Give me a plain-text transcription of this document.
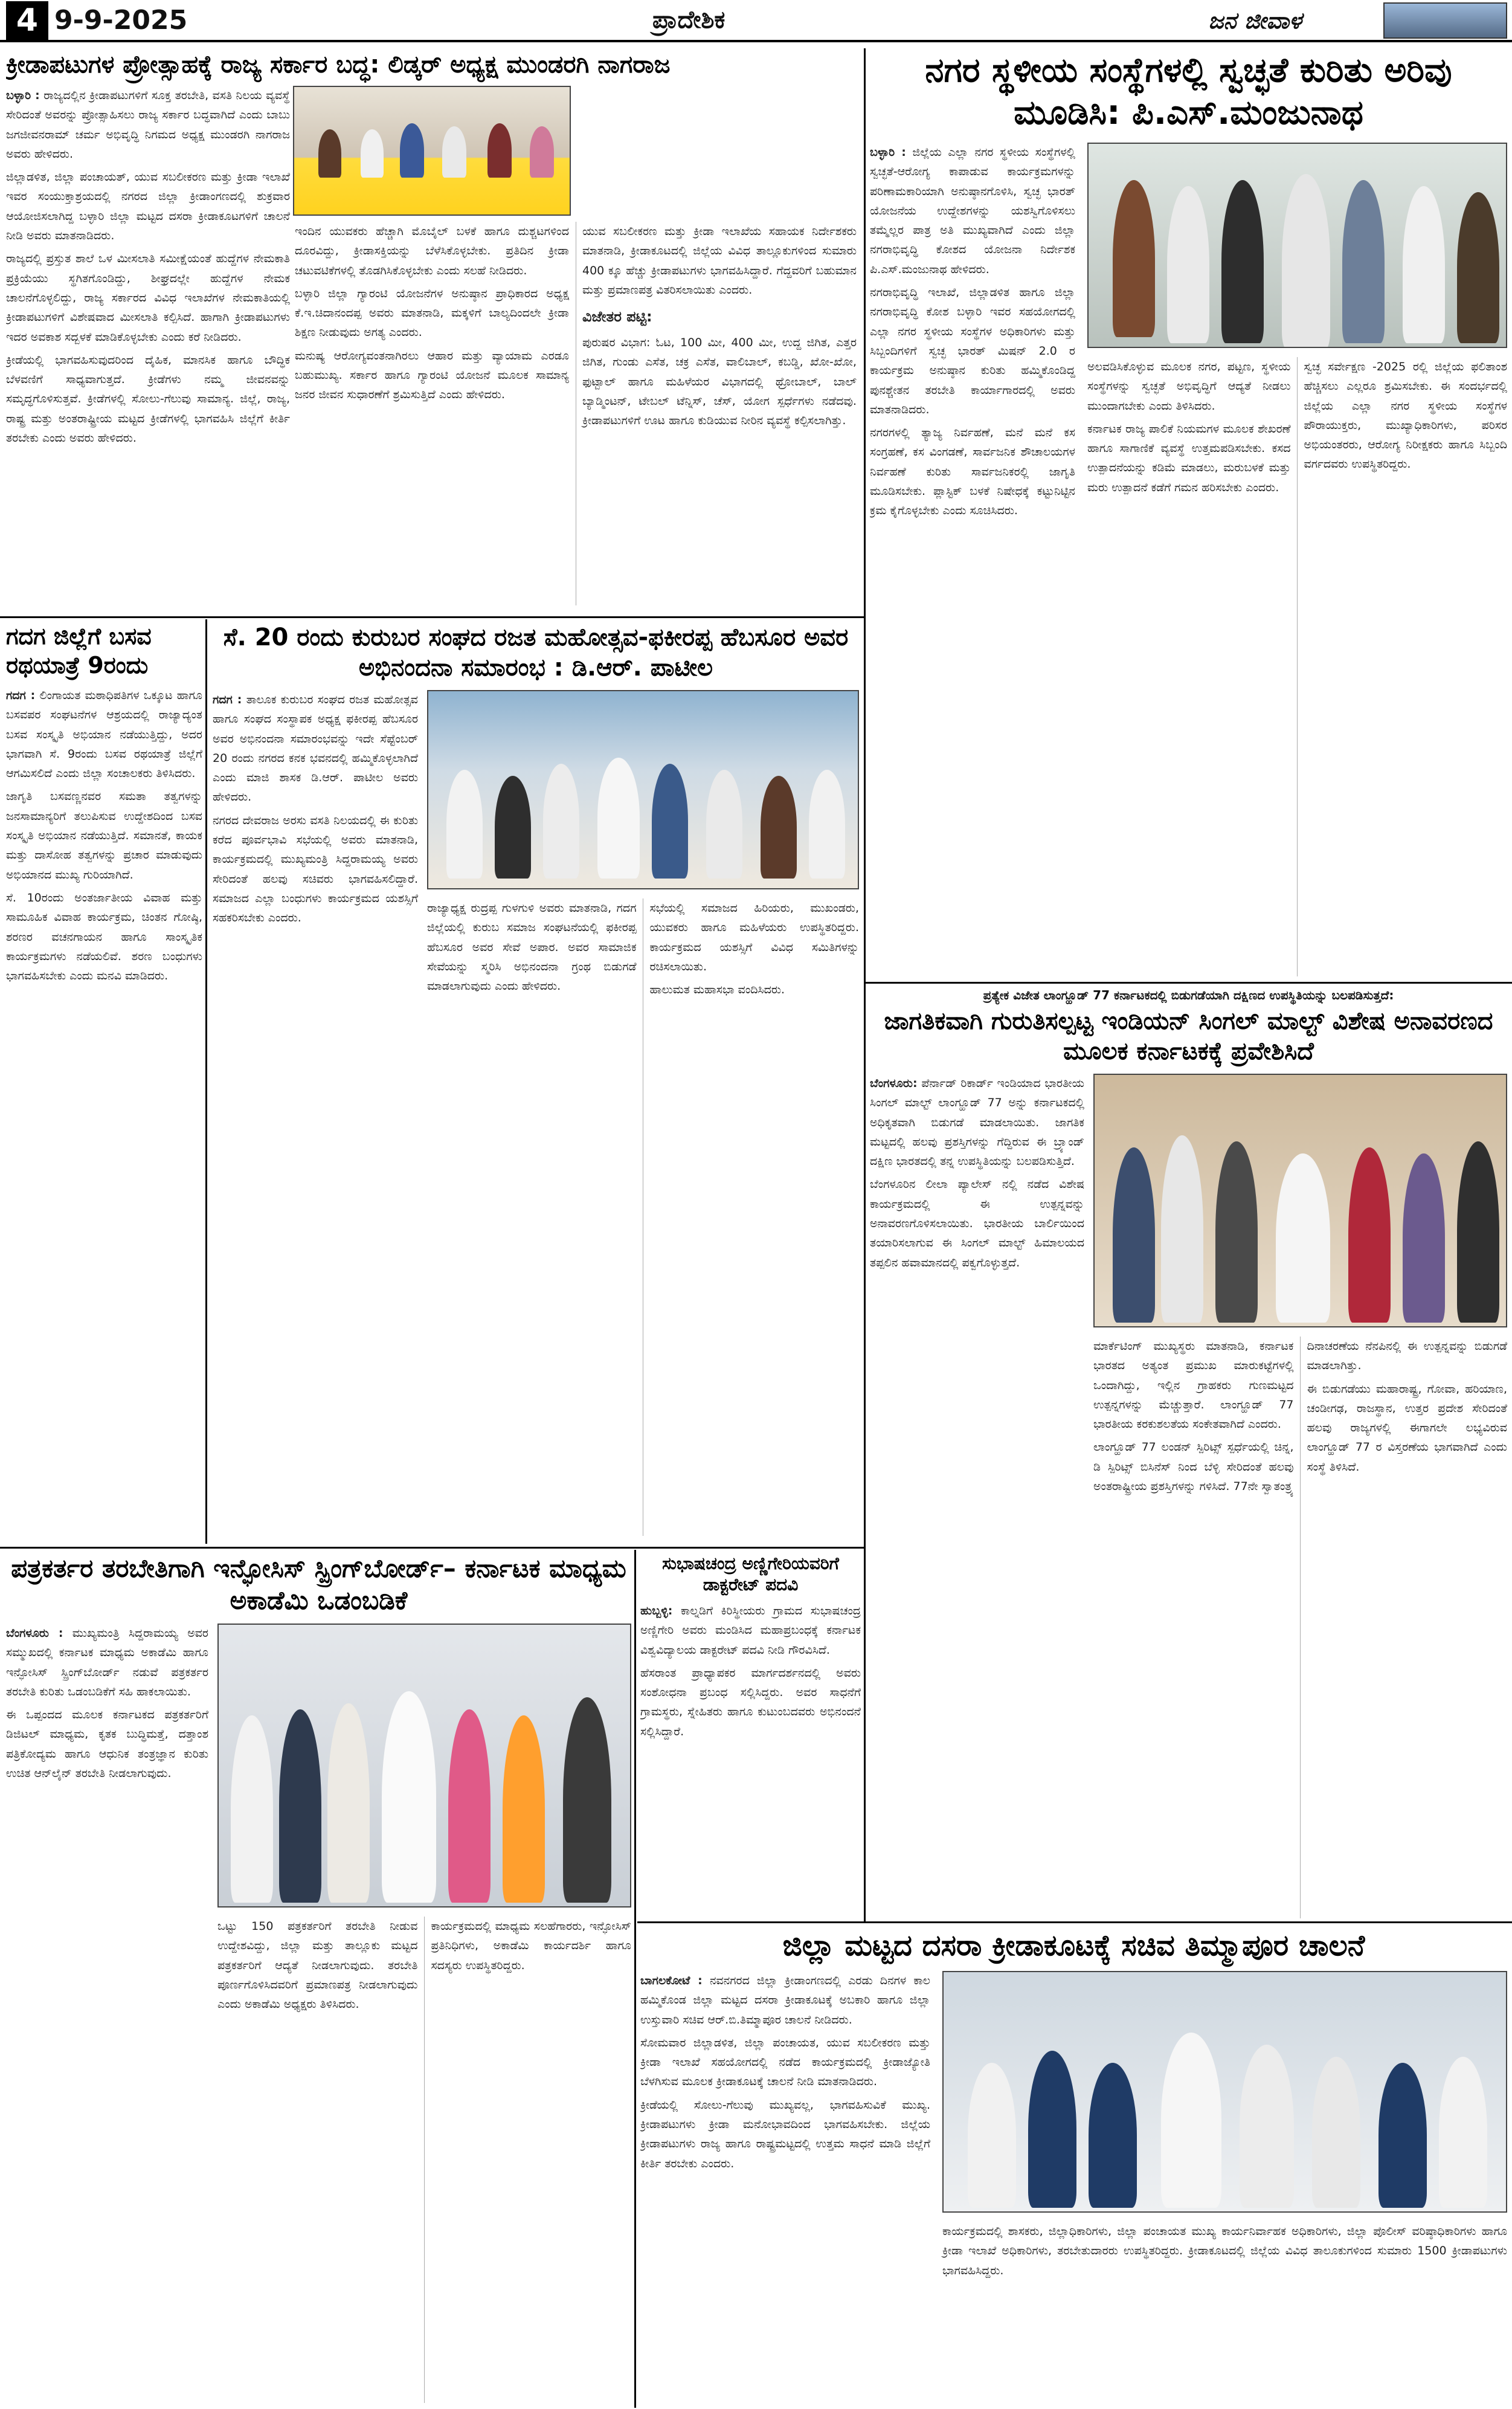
4 9-9-2025	ಪ್ರಾದೇಶಿಕ	ಜನ ಜೀವಾಳ
ಕ್ರೀಡಾಪಟುಗಳ ಪ್ರೋತ್ಸಾಹಕ್ಕೆ ರಾಜ್ಯ ಸರ್ಕಾರ ಬದ್ಧ: ಲಿಡ್ಕರ್ ಅಧ್ಯಕ್ಷ ಮುಂಡರಗಿ ನಾಗರಾಜ

ಬಳ್ಳಾರಿ : ರಾಜ್ಯದಲ್ಲಿನ ಕ್ರೀಡಾಪಟುಗಳಿಗೆ ಸೂಕ್ತ ತರಬೇತಿ, ವಸತಿ ನಿಲಯ ವ್ಯವಸ್ಥೆ ಸೇರಿದಂತೆ ಅವರನ್ನು ಪ್ರೋತ್ಸಾಹಿಸಲು ರಾಜ್ಯ ಸರ್ಕಾರ ಬದ್ಧವಾಗಿದೆ ಎಂದು ಬಾಬು ಜಗಜೀವನರಾಮ್ ಚರ್ಮ ಅಭಿವೃದ್ಧಿ ನಿಗಮದ ಅಧ್ಯಕ್ಷ ಮುಂಡರಗಿ ನಾಗರಾಜ ಅವರು ಹೇಳಿದರು.

ಜಿಲ್ಲಾಡಳಿತ, ಜಿಲ್ಲಾ ಪಂಚಾಯತ್, ಯುವ ಸಬಲೀಕರಣ ಮತ್ತು ಕ್ರೀಡಾ ಇಲಾಖೆ ಇವರ ಸಂಯುಕ್ತಾಶ್ರಯದಲ್ಲಿ ನಗರದ ಜಿಲ್ಲಾ ಕ್ರೀಡಾಂಗಣದಲ್ಲಿ ಶುಕ್ರವಾರ ಆಯೋಜಿಸಲಾಗಿದ್ದ ಬಳ್ಳಾರಿ ಜಿಲ್ಲಾ ಮಟ್ಟದ ದಸರಾ ಕ್ರೀಡಾಕೂಟಗಳಿಗೆ ಚಾಲನೆ ನೀಡಿ ಅವರು ಮಾತನಾಡಿದರು.

ರಾಜ್ಯದಲ್ಲಿ ಪ್ರಸ್ತುತ ಶಾಲೆ ಒಳ ಮೀಸಲಾತಿ ಸಮೀಕ್ಷೆಯಂತೆ ಹುದ್ದೆಗಳ ನೇಮಕಾತಿ ಪ್ರಕ್ರಿಯೆಯು ಸ್ಥಗಿತಗೊಂಡಿದ್ದು, ಶೀಘ್ರದಲ್ಲೇ ಹುದ್ದೆಗಳ ನೇಮಕ ಚಾಲನೆಗೊಳ್ಳಲಿದ್ದು, ರಾಜ್ಯ ಸರ್ಕಾರದ ವಿವಿಧ ಇಲಾಖೆಗಳ ನೇಮಕಾತಿಯಲ್ಲಿ ಕ್ರೀಡಾಪಟುಗಳಿಗೆ ವಿಶೇಷವಾದ ಮೀಸಲಾತಿ ಕಲ್ಪಿಸಿದೆ. ಹಾಗಾಗಿ ಕ್ರೀಡಾಪಟುಗಳು ಇದರ ಅವಕಾಶ ಸದ್ಬಳಕೆ ಮಾಡಿಕೊಳ್ಳಬೇಕು ಎಂದು ಕರೆ ನೀಡಿದರು.

ಕ್ರೀಡೆಯಲ್ಲಿ ಭಾಗವಹಿಸುವುದರಿಂದ ದೈಹಿಕ, ಮಾನಸಿಕ ಹಾಗೂ ಬೌದ್ಧಿಕ ಬೆಳವಣಿಗೆ ಸಾಧ್ಯವಾಗುತ್ತದೆ. ಕ್ರೀಡೆಗಳು ನಮ್ಮ ಜೀವನವನ್ನು ಸಮೃದ್ಧಗೊಳಿಸುತ್ತವೆ. ಕ್ರೀಡೆಗಳಲ್ಲಿ ಸೋಲು-ಗೆಲುವು ಸಾಮಾನ್ಯ. ಜಿಲ್ಲೆ, ರಾಜ್ಯ, ರಾಷ್ಟ್ರ ಮತ್ತು ಅಂತರಾಷ್ಟ್ರೀಯ ಮಟ್ಟದ ಕ್ರೀಡೆಗಳಲ್ಲಿ ಭಾಗವಹಿಸಿ ಜಿಲ್ಲೆಗೆ ಕೀರ್ತಿ ತರಬೇಕು ಎಂದು ಅವರು ಹೇಳಿದರು.

ಇಂದಿನ ಯುವಕರು ಹೆಚ್ಚಾಗಿ ಮೊಬೈಲ್ ಬಳಕೆ ಹಾಗೂ ದುಶ್ಚಟಗಳಿಂದ ದೂರವಿದ್ದು, ಕ್ರೀಡಾಸಕ್ತಿಯನ್ನು ಬೆಳೆಸಿಕೊಳ್ಳಬೇಕು. ಪ್ರತಿದಿನ ಕ್ರೀಡಾ ಚಟುವಟಿಕೆಗಳಲ್ಲಿ ತೊಡಗಿಸಿಕೊಳ್ಳಬೇಕು ಎಂದು ಸಲಹೆ ನೀಡಿದರು.

ಬಳ್ಳಾರಿ ಜಿಲ್ಲಾ ಗ್ಯಾರಂಟಿ ಯೋಜನೆಗಳ ಅನುಷ್ಠಾನ ಪ್ರಾಧಿಕಾರದ ಅಧ್ಯಕ್ಷ ಕೆ.ಇ.ಚಿದಾನಂದಪ್ಪ ಅವರು ಮಾತನಾಡಿ, ಮಕ್ಕಳಿಗೆ ಬಾಲ್ಯದಿಂದಲೇ ಕ್ರೀಡಾ ಶಿಕ್ಷಣ ನೀಡುವುದು ಅಗತ್ಯ ಎಂದರು.

ಮನುಷ್ಯ ಆರೋಗ್ಯವಂತನಾಗಿರಲು ಆಹಾರ ಮತ್ತು ವ್ಯಾಯಾಮ ಎರಡೂ ಬಹುಮುಖ್ಯ. ಸರ್ಕಾರ ಹಾಗೂ ಗ್ಯಾರಂಟಿ ಯೋಜನೆ ಮೂಲಕ ಸಾಮಾನ್ಯ ಜನರ ಜೀವನ ಸುಧಾರಣೆಗೆ ಶ್ರಮಿಸುತ್ತಿದೆ ಎಂದು ಹೇಳಿದರು.

ಯುವ ಸಬಲೀಕರಣ ಮತ್ತು ಕ್ರೀಡಾ ಇಲಾಖೆಯ ಸಹಾಯಕ ನಿರ್ದೇಶಕರು ಮಾತನಾಡಿ, ಕ್ರೀಡಾಕೂಟದಲ್ಲಿ ಜಿಲ್ಲೆಯ ವಿವಿಧ ತಾಲ್ಲೂಕುಗಳಿಂದ ಸುಮಾರು 400 ಕ್ಕೂ ಹೆಚ್ಚು ಕ್ರೀಡಾಪಟುಗಳು ಭಾಗವಹಿಸಿದ್ದಾರೆ. ಗೆದ್ದವರಿಗೆ ಬಹುಮಾನ ಮತ್ತು ಪ್ರಮಾಣಪತ್ರ ವಿತರಿಸಲಾಯಿತು ಎಂದರು.

ವಿಜೇತರ ಪಟ್ಟಿ:

ಪುರುಷರ ವಿಭಾಗ: ಓಟ, 100 ಮೀ, 400 ಮೀ, ಉದ್ದ ಜಿಗಿತ, ಎತ್ತರ ಜಿಗಿತ, ಗುಂಡು ಎಸೆತ, ಚಕ್ರ ಎಸೆತ, ವಾಲಿಬಾಲ್, ಕಬಡ್ಡಿ, ಖೋ-ಖೋ, ಫುಟ್ಬಾಲ್ ಹಾಗೂ ಮಹಿಳೆಯರ ವಿಭಾಗದಲ್ಲಿ ಥ್ರೋಬಾಲ್, ಬಾಲ್ ಬ್ಯಾಡ್ಮಿಂಟನ್, ಟೇಬಲ್ ಟೆನ್ನಿಸ್, ಚೆಸ್, ಯೋಗ ಸ್ಪರ್ಧೆಗಳು ನಡೆದವು. ಕ್ರೀಡಾಪಟುಗಳಿಗೆ ಊಟ ಹಾಗೂ ಕುಡಿಯುವ ನೀರಿನ ವ್ಯವಸ್ಥೆ ಕಲ್ಪಿಸಲಾಗಿತ್ತು.

ನಗರ ಸ್ಥಳೀಯ ಸಂಸ್ಥೆಗಳಲ್ಲಿ ಸ್ವಚ್ಛತೆ ಕುರಿತು ಅರಿವು ಮೂಡಿಸಿ: ಪಿ.ಎಸ್.ಮಂಜುನಾಥ

ಬಳ್ಳಾರಿ : ಜಿಲ್ಲೆಯ ಎಲ್ಲಾ ನಗರ ಸ್ಥಳೀಯ ಸಂಸ್ಥೆಗಳಲ್ಲಿ ಸ್ವಚ್ಛತೆ-ಆರೋಗ್ಯ ಕಾಪಾಡುವ ಕಾರ್ಯಕ್ರಮಗಳನ್ನು ಪರಿಣಾಮಕಾರಿಯಾಗಿ ಅನುಷ್ಠಾನಗೊಳಿಸಿ, ಸ್ವಚ್ಛ ಭಾರತ್ ಯೋಜನೆಯ ಉದ್ದೇಶಗಳನ್ನು ಯಶಸ್ವಿಗೊಳಿಸಲು ತಮ್ಮೆಲ್ಲರ ಪಾತ್ರ ಅತಿ ಮುಖ್ಯವಾಗಿದೆ ಎಂದು ಜಿಲ್ಲಾ ನಗರಾಭಿವೃದ್ಧಿ ಕೋಶದ ಯೋಜನಾ ನಿರ್ದೇಶಕ ಪಿ.ಎಸ್.ಮಂಜುನಾಥ ಹೇಳಿದರು.

ನಗರಾಭಿವೃದ್ಧಿ ಇಲಾಖೆ, ಜಿಲ್ಲಾಡಳಿತ ಹಾಗೂ ಜಿಲ್ಲಾ ನಗರಾಭಿವೃದ್ಧಿ ಕೋಶ ಬಳ್ಳಾರಿ ಇವರ ಸಹಯೋಗದಲ್ಲಿ ಎಲ್ಲಾ ನಗರ ಸ್ಥಳೀಯ ಸಂಸ್ಥೆಗಳ ಅಧಿಕಾರಿಗಳು ಮತ್ತು ಸಿಬ್ಬಂದಿಗಳಿಗೆ ಸ್ವಚ್ಛ ಭಾರತ್ ಮಿಷನ್ 2.0 ರ ಕಾರ್ಯಕ್ರಮ ಅನುಷ್ಠಾನ ಕುರಿತು ಹಮ್ಮಿಕೊಂಡಿದ್ದ ಪುನಶ್ಚೇತನ ತರಬೇತಿ ಕಾರ್ಯಾಗಾರದಲ್ಲಿ ಅವರು ಮಾತನಾಡಿದರು.

ನಗರಗಳಲ್ಲಿ ತ್ಯಾಜ್ಯ ನಿರ್ವಹಣೆ, ಮನೆ ಮನೆ ಕಸ ಸಂಗ್ರಹಣೆ, ಕಸ ವಿಂಗಡಣೆ, ಸಾರ್ವಜನಿಕ ಶೌಚಾಲಯಗಳ ನಿರ್ವಹಣೆ ಕುರಿತು ಸಾರ್ವಜನಿಕರಲ್ಲಿ ಜಾಗೃತಿ ಮೂಡಿಸಬೇಕು. ಪ್ಲಾಸ್ಟಿಕ್ ಬಳಕೆ ನಿಷೇಧಕ್ಕೆ ಕಟ್ಟುನಿಟ್ಟಿನ ಕ್ರಮ ಕೈಗೊಳ್ಳಬೇಕು ಎಂದು ಸೂಚಿಸಿದರು.

ಅಲವಡಿಸಿಕೊಳ್ಳುವ ಮೂಲಕ ನಗರ, ಪಟ್ಟಣ, ಸ್ಥಳೀಯ ಸಂಸ್ಥೆಗಳನ್ನು ಸ್ವಚ್ಛತೆ ಅಭಿವೃದ್ಧಿಗೆ ಆದ್ಯತೆ ನೀಡಲು ಮುಂದಾಗಬೇಕು ಎಂದು ತಿಳಿಸಿದರು.

ಕರ್ನಾಟಕ ರಾಜ್ಯ ಪಾಲಿಕೆ ನಿಯಮಗಳ ಮೂಲಕ ಶೇಖರಣೆ ಹಾಗೂ ಸಾಗಾಣಿಕೆ ವ್ಯವಸ್ಥೆ ಉತ್ತಮಪಡಿಸಬೇಕು. ಕಸದ ಉತ್ಪಾದನೆಯನ್ನು ಕಡಿಮೆ ಮಾಡಲು, ಮರುಬಳಕೆ ಮತ್ತು ಮರು ಉತ್ಪಾದನೆ ಕಡೆಗೆ ಗಮನ ಹರಿಸಬೇಕು ಎಂದರು.

ಸ್ವಚ್ಛ ಸರ್ವೇಕ್ಷಣ -2025 ರಲ್ಲಿ ಜಿಲ್ಲೆಯ ಫಲಿತಾಂಶ ಹೆಚ್ಚಿಸಲು ಎಲ್ಲರೂ ಶ್ರಮಿಸಬೇಕು. ಈ ಸಂದರ್ಭದಲ್ಲಿ ಜಿಲ್ಲೆಯ ಎಲ್ಲಾ ನಗರ ಸ್ಥಳೀಯ ಸಂಸ್ಥೆಗಳ ಪೌರಾಯುಕ್ತರು, ಮುಖ್ಯಾಧಿಕಾರಿಗಳು, ಪರಿಸರ ಅಭಿಯಂತರರು, ಆರೋಗ್ಯ ನಿರೀಕ್ಷಕರು ಹಾಗೂ ಸಿಬ್ಬಂದಿ ವರ್ಗದವರು ಉಪಸ್ಥಿತರಿದ್ದರು.

ಗದಗ ಜಿಲ್ಲೆಗೆ ಬಸವ ರಥಯಾತ್ರೆ 9ರಂದು

ಗದಗ : ಲಿಂಗಾಯತ ಮಠಾಧಿಪತಿಗಳ ಒಕ್ಕೂಟ ಹಾಗೂ ಬಸವಪರ ಸಂಘಟನೆಗಳ ಆಶ್ರಯದಲ್ಲಿ ರಾಜ್ಯಾದ್ಯಂತ ಬಸವ ಸಂಸ್ಕೃತಿ ಅಭಿಯಾನ ನಡೆಯುತ್ತಿದ್ದು, ಅದರ ಭಾಗವಾಗಿ ಸೆ. 9ರಂದು ಬಸವ ರಥಯಾತ್ರೆ ಜಿಲ್ಲೆಗೆ ಆಗಮಿಸಲಿದೆ ಎಂದು ಜಿಲ್ಲಾ ಸಂಚಾಲಕರು ತಿಳಿಸಿದರು.

ಜಾಗೃತಿ ಬಸವಣ್ಣನವರ ಸಮತಾ ತತ್ವಗಳನ್ನು ಜನಸಾಮಾನ್ಯರಿಗೆ ತಲುಪಿಸುವ ಉದ್ದೇಶದಿಂದ ಬಸವ ಸಂಸ್ಕೃತಿ ಅಭಿಯಾನ ನಡೆಯುತ್ತಿದೆ. ಸಮಾನತೆ, ಕಾಯಕ ಮತ್ತು ದಾಸೋಹ ತತ್ವಗಳನ್ನು ಪ್ರಚಾರ ಮಾಡುವುದು ಅಭಿಯಾನದ ಮುಖ್ಯ ಗುರಿಯಾಗಿದೆ.

ಸೆ. 10ರಂದು ಅಂತರ್ಜಾತೀಯ ವಿವಾಹ ಮತ್ತು ಸಾಮೂಹಿಕ ವಿವಾಹ ಕಾರ್ಯಕ್ರಮ, ಚಿಂತನ ಗೋಷ್ಠಿ, ಶರಣರ ವಚನಗಾಯನ ಹಾಗೂ ಸಾಂಸ್ಕೃತಿಕ ಕಾರ್ಯಕ್ರಮಗಳು ನಡೆಯಲಿವೆ. ಶರಣ ಬಂಧುಗಳು ಭಾಗವಹಿಸಬೇಕು ಎಂದು ಮನವಿ ಮಾಡಿದರು.

ಸೆ. 20 ರಂದು ಕುರುಬರ ಸಂಘದ ರಜತ ಮಹೋತ್ಸವ-ಫಕೀರಪ್ಪ ಹೆಬಸೂರ ಅವರ ಅಭಿನಂದನಾ ಸಮಾರಂಭ : ಡಿ.ಆರ್. ಪಾಟೀಲ

ಗದಗ : ತಾಲೂಕ ಕುರುಬರ ಸಂಘದ ರಜತ ಮಹೋತ್ಸವ ಹಾಗೂ ಸಂಘದ ಸಂಸ್ಥಾಪಕ ಅಧ್ಯಕ್ಷ ಫಕೀರಪ್ಪ ಹೆಬಸೂರ ಅವರ ಅಭಿನಂದನಾ ಸಮಾರಂಭವನ್ನು ಇದೇ ಸೆಪ್ಟೆಂಬರ್ 20 ರಂದು ನಗರದ ಕನಕ ಭವನದಲ್ಲಿ ಹಮ್ಮಿಕೊಳ್ಳಲಾಗಿದೆ ಎಂದು ಮಾಜಿ ಶಾಸಕ ಡಿ.ಆರ್. ಪಾಟೀಲ ಅವರು ಹೇಳಿದರು.

ನಗರದ ದೇವರಾಜ ಅರಸು ವಸತಿ ನಿಲಯದಲ್ಲಿ ಈ ಕುರಿತು ಕರೆದ ಪೂರ್ವಭಾವಿ ಸಭೆಯಲ್ಲಿ ಅವರು ಮಾತನಾಡಿ, ಕಾರ್ಯಕ್ರಮದಲ್ಲಿ ಮುಖ್ಯಮಂತ್ರಿ ಸಿದ್ದರಾಮಯ್ಯ ಅವರು ಸೇರಿದಂತೆ ಹಲವು ಸಚಿವರು ಭಾಗವಹಿಸಲಿದ್ದಾರೆ. ಸಮಾಜದ ಎಲ್ಲಾ ಬಂಧುಗಳು ಕಾರ್ಯಕ್ರಮದ ಯಶಸ್ಸಿಗೆ ಸಹಕರಿಸಬೇಕು ಎಂದರು.

ರಾಜ್ಯಾಧ್ಯಕ್ಷ ರುದ್ರಪ್ಪ ಗುಳಗುಳಿ ಅವರು ಮಾತನಾಡಿ, ಗದಗ ಜಿಲ್ಲೆಯಲ್ಲಿ ಕುರುಬ ಸಮಾಜ ಸಂಘಟನೆಯಲ್ಲಿ ಫಕೀರಪ್ಪ ಹೆಬಸೂರ ಅವರ ಸೇವೆ ಅಪಾರ. ಅವರ ಸಾಮಾಜಿಕ ಸೇವೆಯನ್ನು ಸ್ಮರಿಸಿ ಅಭಿನಂದನಾ ಗ್ರಂಥ ಬಿಡುಗಡೆ ಮಾಡಲಾಗುವುದು ಎಂದು ಹೇಳಿದರು.

ಸಭೆಯಲ್ಲಿ ಸಮಾಜದ ಹಿರಿಯರು, ಮುಖಂಡರು, ಯುವಕರು ಹಾಗೂ ಮಹಿಳೆಯರು ಉಪಸ್ಥಿತರಿದ್ದರು. ಕಾರ್ಯಕ್ರಮದ ಯಶಸ್ಸಿಗೆ ವಿವಿಧ ಸಮಿತಿಗಳನ್ನು ರಚಿಸಲಾಯಿತು.

ಹಾಲುಮತ ಮಹಾಸಭಾ ವಂದಿಸಿದರು.	ಪ್ರತ್ಯೇಕ ವಿಜೇತ ಲಾಂಗ್ಹೂಡ್ 77 ಕರ್ನಾಟಕದಲ್ಲಿ ಬಿಡುಗಡೆಯಾಗಿ ದಕ್ಷಿಣದ ಉಪಸ್ಥಿತಿಯನ್ನು ಬಲಪಡಿಸುತ್ತದೆ:
ಜಾಗತಿಕವಾಗಿ ಗುರುತಿಸಲ್ಪಟ್ಟ ಇಂಡಿಯನ್ ಸಿಂಗಲ್ ಮಾಲ್ಟ್ ವಿಶೇಷ ಅನಾವರಣದ ಮೂಲಕ ಕರ್ನಾಟಕಕ್ಕೆ ಪ್ರವೇಶಿಸಿದೆ

ಬೆಂಗಳೂರು: ಪೆರ್ನಾಡ್ ರಿಕಾರ್ಡ್ ಇಂಡಿಯಾದ ಭಾರತೀಯ ಸಿಂಗಲ್ ಮಾಲ್ಟ್ ಲಾಂಗ್ಹೂಡ್ 77 ಅನ್ನು ಕರ್ನಾಟಕದಲ್ಲಿ ಅಧಿಕೃತವಾಗಿ ಬಿಡುಗಡೆ ಮಾಡಲಾಯಿತು. ಜಾಗತಿಕ ಮಟ್ಟದಲ್ಲಿ ಹಲವು ಪ್ರಶಸ್ತಿಗಳನ್ನು ಗೆದ್ದಿರುವ ಈ ಬ್ರ್ಯಾಂಡ್ ದಕ್ಷಿಣ ಭಾರತದಲ್ಲಿ ತನ್ನ ಉಪಸ್ಥಿತಿಯನ್ನು ಬಲಪಡಿಸುತ್ತಿದೆ.

ಬೆಂಗಳೂರಿನ ಲೀಲಾ ಪ್ಯಾಲೇಸ್ ನಲ್ಲಿ ನಡೆದ ವಿಶೇಷ ಕಾರ್ಯಕ್ರಮದಲ್ಲಿ ಈ ಉತ್ಪನ್ನವನ್ನು ಅನಾವರಣಗೊಳಿಸಲಾಯಿತು. ಭಾರತೀಯ ಬಾರ್ಲಿಯಿಂದ ತಯಾರಿಸಲಾಗುವ ಈ ಸಿಂಗಲ್ ಮಾಲ್ಟ್ ಹಿಮಾಲಯದ ತಪ್ಪಲಿನ ಹವಾಮಾನದಲ್ಲಿ ಪಕ್ವಗೊಳ್ಳುತ್ತದೆ.

ಮಾರ್ಕೆಟಿಂಗ್ ಮುಖ್ಯಸ್ಥರು ಮಾತನಾಡಿ, ಕರ್ನಾಟಕ ಭಾರತದ ಅತ್ಯಂತ ಪ್ರಮುಖ ಮಾರುಕಟ್ಟೆಗಳಲ್ಲಿ ಒಂದಾಗಿದ್ದು, ಇಲ್ಲಿನ ಗ್ರಾಹಕರು ಗುಣಮಟ್ಟದ ಉತ್ಪನ್ನಗಳನ್ನು ಮೆಚ್ಚುತ್ತಾರೆ. ಲಾಂಗ್ಹೂಡ್ 77 ಭಾರತೀಯ ಕರಕುಶಲತೆಯ ಸಂಕೇತವಾಗಿದೆ ಎಂದರು.

ಲಾಂಗ್ಹೂಡ್ 77 ಲಂಡನ್ ಸ್ಪಿರಿಟ್ಸ್ ಸ್ಪರ್ಧೆಯಲ್ಲಿ ಚಿನ್ನ, ಡಿ ಸ್ಪಿರಿಟ್ಸ್ ಬಿಸಿನೆಸ್ ನಿಂದ ಬೆಳ್ಳಿ ಸೇರಿದಂತೆ ಹಲವು ಅಂತರಾಷ್ಟ್ರೀಯ ಪ್ರಶಸ್ತಿಗಳನ್ನು ಗಳಿಸಿದೆ. 77ನೇ ಸ್ವಾತಂತ್ರ್ಯ ದಿನಾಚರಣೆಯ ನೆನಪಿನಲ್ಲಿ ಈ ಉತ್ಪನ್ನವನ್ನು ಬಿಡುಗಡೆ ಮಾಡಲಾಗಿತ್ತು.

ಈ ಬಿಡುಗಡೆಯು ಮಹಾರಾಷ್ಟ್ರ, ಗೋವಾ, ಹರಿಯಾಣ, ಚಂಡೀಗಢ, ರಾಜಸ್ಥಾನ, ಉತ್ತರ ಪ್ರದೇಶ ಸೇರಿದಂತೆ ಹಲವು ರಾಜ್ಯಗಳಲ್ಲಿ ಈಗಾಗಲೇ ಲಭ್ಯವಿರುವ ಲಾಂಗ್ಹೂಡ್ 77 ರ ವಿಸ್ತರಣೆಯ ಭಾಗವಾಗಿದೆ ಎಂದು ಸಂಸ್ಥೆ ತಿಳಿಸಿದೆ.

ಪತ್ರಕರ್ತರ ತರಬೇತಿಗಾಗಿ ಇನ್ಫೋಸಿಸ್ ಸ್ಪ್ರಿಂಗ್‌ಬೋರ್ಡ್– ಕರ್ನಾಟಕ ಮಾಧ್ಯಮ ಅಕಾಡೆಮಿ ಒಡಂಬಡಿಕೆ

ಬೆಂಗಳೂರು : ಮುಖ್ಯಮಂತ್ರಿ ಸಿದ್ದರಾಮಯ್ಯ ಅವರ ಸಮ್ಮುಖದಲ್ಲಿ ಕರ್ನಾಟಕ ಮಾಧ್ಯಮ ಅಕಾಡೆಮಿ ಹಾಗೂ ಇನ್ಫೋಸಿಸ್ ಸ್ಪ್ರಿಂಗ್‌ಬೋರ್ಡ್ ನಡುವೆ ಪತ್ರಕರ್ತರ ತರಬೇತಿ ಕುರಿತು ಒಡಂಬಡಿಕೆಗೆ ಸಹಿ ಹಾಕಲಾಯಿತು.

ಈ ಒಪ್ಪಂದದ ಮೂಲಕ ಕರ್ನಾಟಕದ ಪತ್ರಕರ್ತರಿಗೆ ಡಿಜಿಟಲ್ ಮಾಧ್ಯಮ, ಕೃತಕ ಬುದ್ಧಿಮತ್ತೆ, ದತ್ತಾಂಶ ಪತ್ರಿಕೋದ್ಯಮ ಹಾಗೂ ಆಧುನಿಕ ತಂತ್ರಜ್ಞಾನ ಕುರಿತು ಉಚಿತ ಆನ್‌ಲೈನ್ ತರಬೇತಿ ನೀಡಲಾಗುವುದು.

ಒಟ್ಟು 150 ಪತ್ರಕರ್ತರಿಗೆ ತರಬೇತಿ ನೀಡುವ ಉದ್ದೇಶವಿದ್ದು, ಜಿಲ್ಲಾ ಮತ್ತು ತಾಲ್ಲೂಕು ಮಟ್ಟದ ಪತ್ರಕರ್ತರಿಗೆ ಆದ್ಯತೆ ನೀಡಲಾಗುವುದು. ತರಬೇತಿ ಪೂರ್ಣಗೊಳಿಸಿದವರಿಗೆ ಪ್ರಮಾಣಪತ್ರ ನೀಡಲಾಗುವುದು ಎಂದು ಅಕಾಡೆಮಿ ಅಧ್ಯಕ್ಷರು ತಿಳಿಸಿದರು.

ಕಾರ್ಯಕ್ರಮದಲ್ಲಿ ಮಾಧ್ಯಮ ಸಲಹೆಗಾರರು, ಇನ್ಫೋಸಿಸ್ ಪ್ರತಿನಿಧಿಗಳು, ಅಕಾಡೆಮಿ ಕಾರ್ಯದರ್ಶಿ ಹಾಗೂ ಸದಸ್ಯರು ಉಪಸ್ಥಿತರಿದ್ದರು.

ಸುಭಾಷಚಂದ್ರ ಅಣ್ಣಿಗೇರಿಯವರಿಗೆ ಡಾಕ್ಟರೇಟ್ ಪದವಿ

ಹುಬ್ಬಳ್ಳಿ: ಕಾಲ್ನಡಿಗೆ ಕಿರಿಸ್ಥೀಯರು ಗ್ರಾಮದ ಸುಭಾಷಚಂದ್ರ ಅಣ್ಣಿಗೇರಿ ಅವರು ಮಂಡಿಸಿದ ಮಹಾಪ್ರಬಂಧಕ್ಕೆ ಕರ್ನಾಟಕ ವಿಶ್ವವಿದ್ಯಾಲಯ ಡಾಕ್ಟರೇಟ್ ಪದವಿ ನೀಡಿ ಗೌರವಿಸಿದೆ.

ಹೆಸರಾಂತ ಪ್ರಾಧ್ಯಾಪಕರ ಮಾರ್ಗದರ್ಶನದಲ್ಲಿ ಅವರು ಸಂಶೋಧನಾ ಪ್ರಬಂಧ ಸಲ್ಲಿಸಿದ್ದರು. ಅವರ ಸಾಧನೆಗೆ ಗ್ರಾಮಸ್ಥರು, ಸ್ನೇಹಿತರು ಹಾಗೂ ಕುಟುಂಬದವರು ಅಭಿನಂದನೆ ಸಲ್ಲಿಸಿದ್ದಾರೆ.

ಜಿಲ್ಲಾ ಮಟ್ಟದ ದಸರಾ ಕ್ರೀಡಾಕೂಟಕ್ಕೆ ಸಚಿವ ತಿಮ್ಮಾಪೂರ ಚಾಲನೆ

ಬಾಗಲಕೋಟೆ : ನವನಗರದ ಜಿಲ್ಲಾ ಕ್ರೀಡಾಂಗಣದಲ್ಲಿ ಎರಡು ದಿನಗಳ ಕಾಲ ಹಮ್ಮಿಕೊಂಡ ಜಿಲ್ಲಾ ಮಟ್ಟದ ದಸರಾ ಕ್ರೀಡಾಕೂಟಕ್ಕೆ ಅಬಕಾರಿ ಹಾಗೂ ಜಿಲ್ಲಾ ಉಸ್ತುವಾರಿ ಸಚಿವ ಆರ್.ಬಿ.ತಿಮ್ಮಾಪೂರ ಚಾಲನೆ ನೀಡಿದರು.

ಸೋಮವಾರ ಜಿಲ್ಲಾಡಳಿತ, ಜಿಲ್ಲಾ ಪಂಚಾಯತ, ಯುವ ಸಬಲೀಕರಣ ಮತ್ತು ಕ್ರೀಡಾ ಇಲಾಖೆ ಸಹಯೋಗದಲ್ಲಿ ನಡೆದ ಕಾರ್ಯಕ್ರಮದಲ್ಲಿ ಕ್ರೀಡಾಜ್ಯೋತಿ ಬೆಳಗಿಸುವ ಮೂಲಕ ಕ್ರೀಡಾಕೂಟಕ್ಕೆ ಚಾಲನೆ ನೀಡಿ ಮಾತನಾಡಿದರು.

ಕ್ರೀಡೆಯಲ್ಲಿ ಸೋಲು-ಗೆಲುವು ಮುಖ್ಯವಲ್ಲ, ಭಾಗವಹಿಸುವಿಕೆ ಮುಖ್ಯ. ಕ್ರೀಡಾಪಟುಗಳು ಕ್ರೀಡಾ ಮನೋಭಾವದಿಂದ ಭಾಗವಹಿಸಬೇಕು. ಜಿಲ್ಲೆಯ ಕ್ರೀಡಾಪಟುಗಳು ರಾಜ್ಯ ಹಾಗೂ ರಾಷ್ಟ್ರಮಟ್ಟದಲ್ಲಿ ಉತ್ತಮ ಸಾಧನೆ ಮಾಡಿ ಜಿಲ್ಲೆಗೆ ಕೀರ್ತಿ ತರಬೇಕು ಎಂದರು.

ಕಾರ್ಯಕ್ರಮದಲ್ಲಿ ಶಾಸಕರು, ಜಿಲ್ಲಾಧಿಕಾರಿಗಳು, ಜಿಲ್ಲಾ ಪಂಚಾಯತ ಮುಖ್ಯ ಕಾರ್ಯನಿರ್ವಾಹಕ ಅಧಿಕಾರಿಗಳು, ಜಿಲ್ಲಾ ಪೊಲೀಸ್ ವರಿಷ್ಠಾಧಿಕಾರಿಗಳು ಹಾಗೂ ಕ್ರೀಡಾ ಇಲಾಖೆ ಅಧಿಕಾರಿಗಳು, ತರಬೇತುದಾರರು ಉಪಸ್ಥಿತರಿದ್ದರು. ಕ್ರೀಡಾಕೂಟದಲ್ಲಿ ಜಿಲ್ಲೆಯ ವಿವಿಧ ತಾಲೂಕುಗಳಿಂದ ಸುಮಾರು 1500 ಕ್ರೀಡಾಪಟುಗಳು ಭಾಗವಹಿಸಿದ್ದರು.
